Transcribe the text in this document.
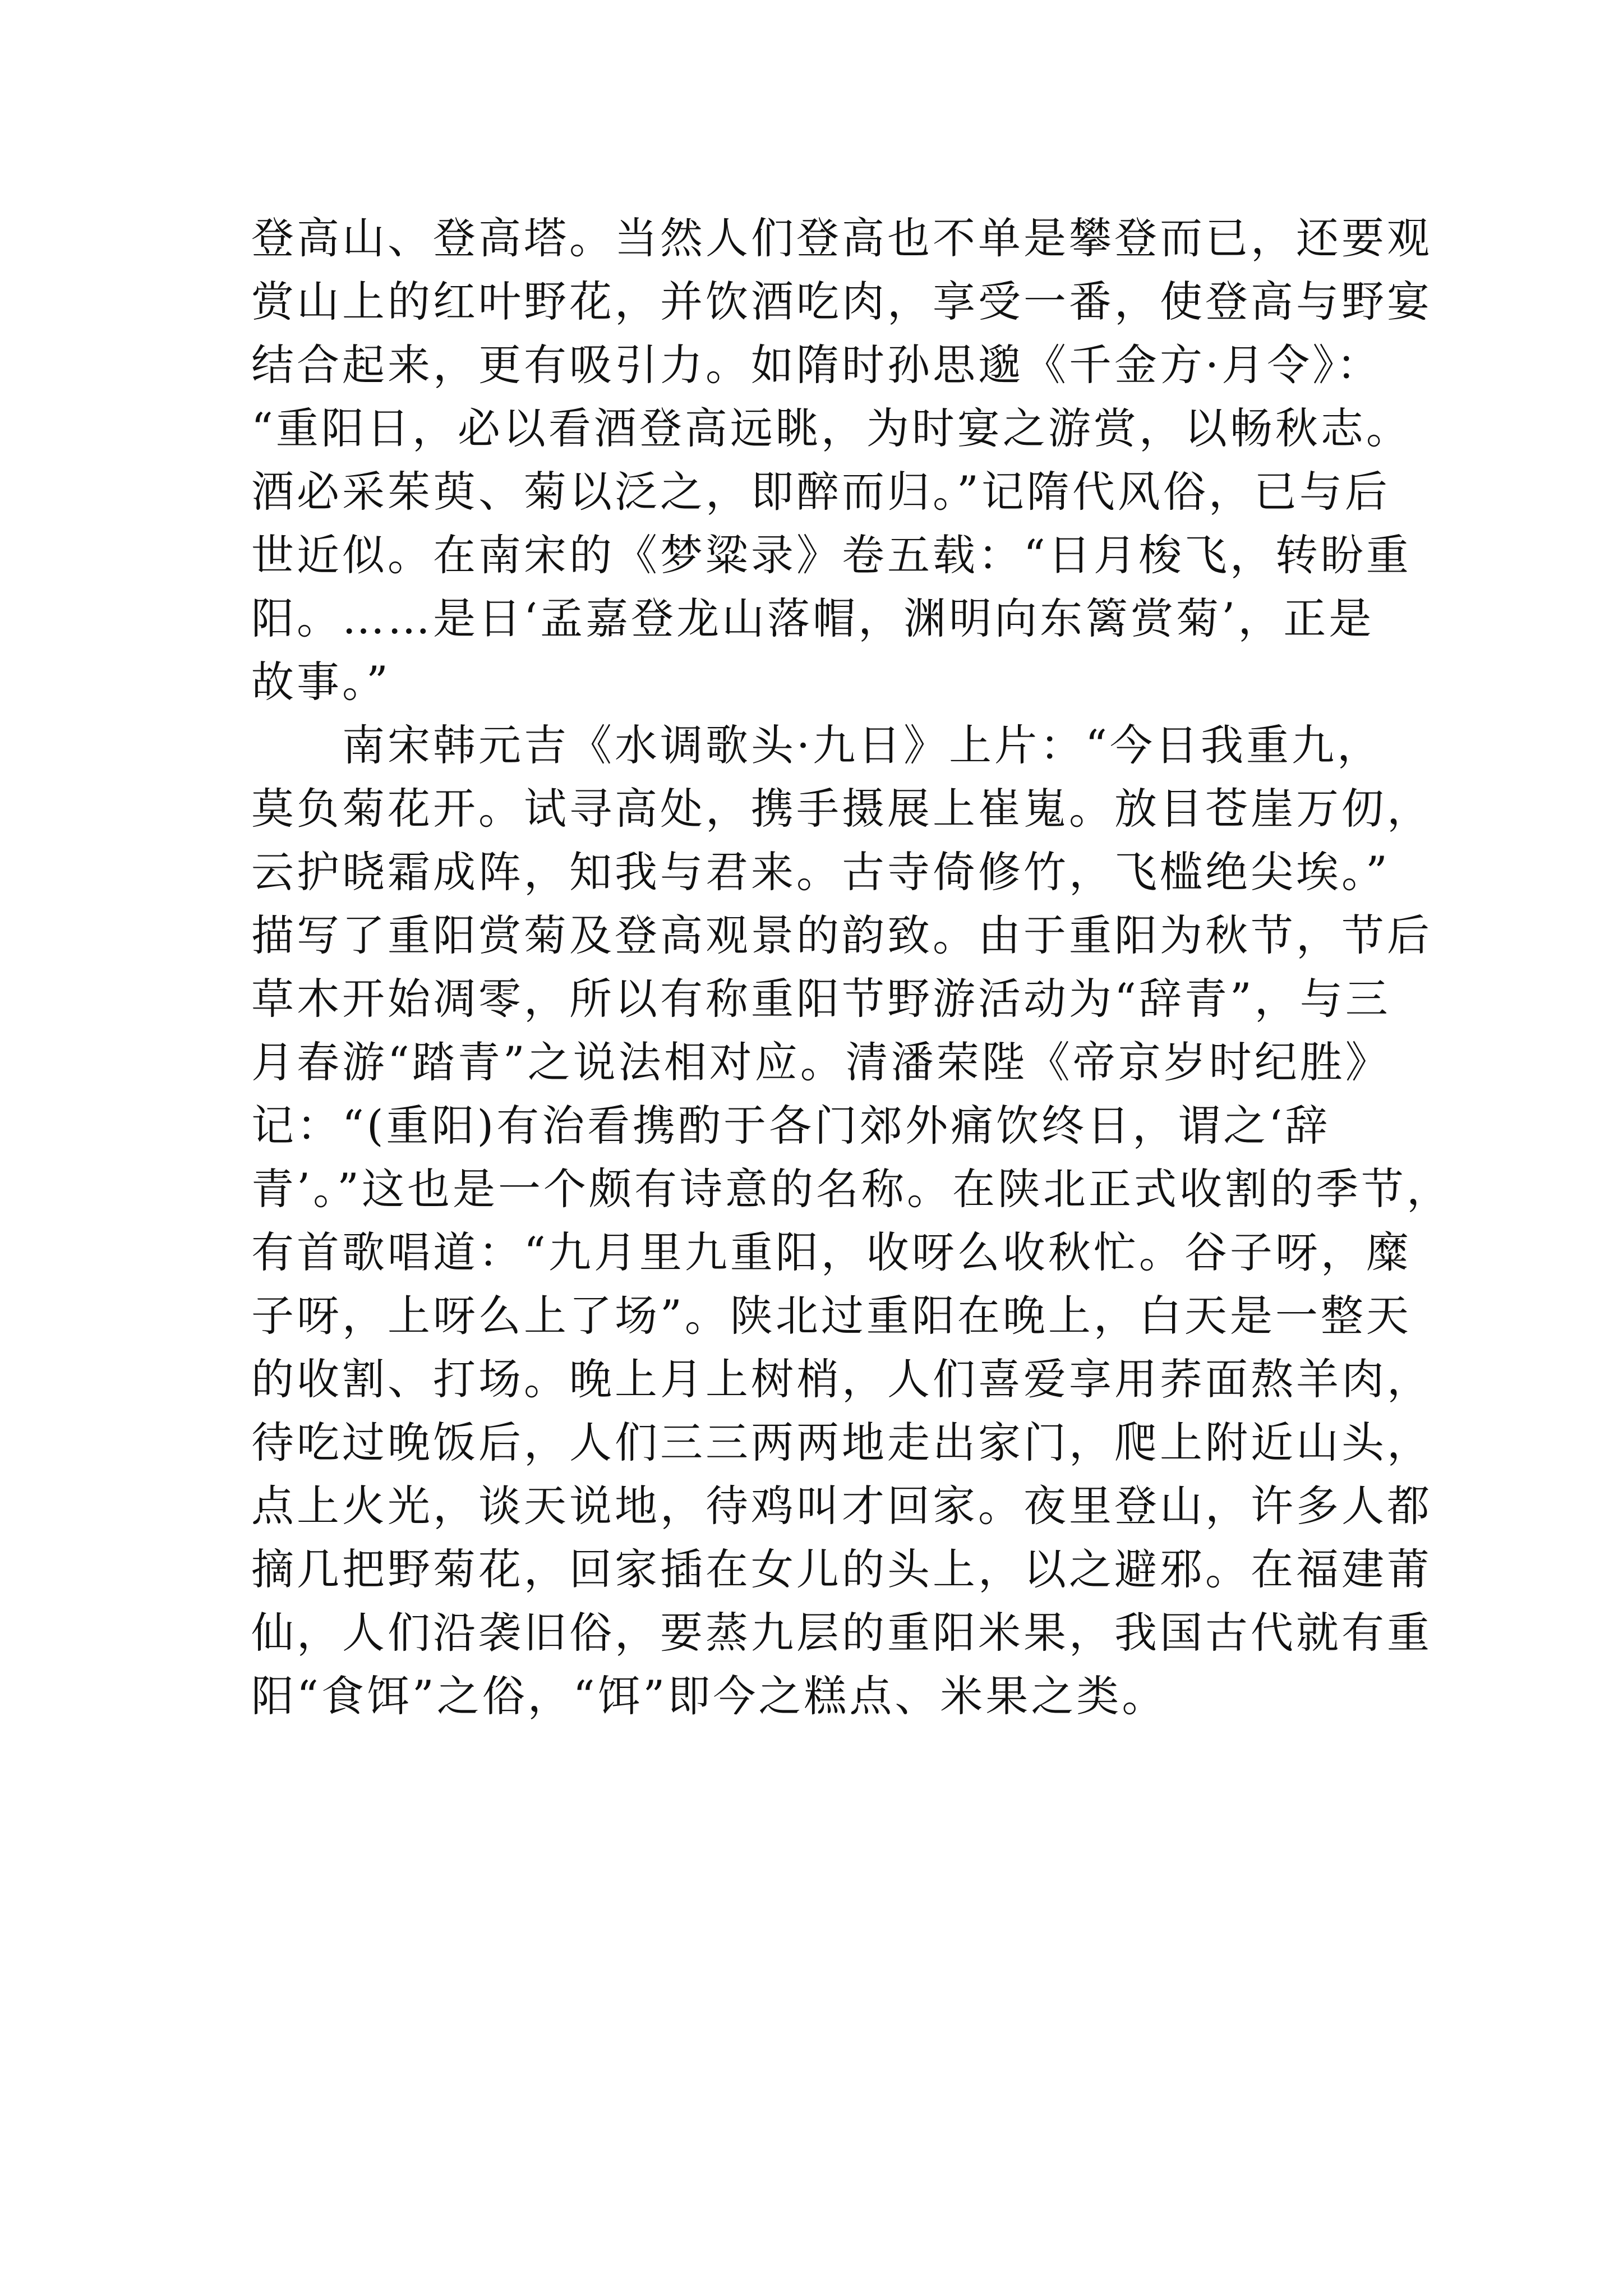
登高山、登高塔。当然人们登高也不单是攀登而已，还要观
赏山上的红叶野花，并饮酒吃肉，享受一番，使登高与野宴
结合起来，更有吸引力。如隋时孙思邈《千金方·月令》：
“重阳日，必以看酒登高远眺，为时宴之游赏，以畅秋志。
酒必采茱萸、菊以泛之，即醉而归。”记隋代风俗，已与后
世近似。在南宋的《梦粱录》卷五载：“日月梭飞，转盼重
阳。……是日‘孟嘉登龙山落帽，渊明向东篱赏菊’，正是
故事。”
南宋韩元吉《水调歌头·九日》上片：“今日我重九，
莫负菊花开。试寻高处，携手摄展上崔嵬。放目苍崖万仞，
云护晓霜成阵，知我与君来。古寺倚修竹，飞槛绝尖埃。”
描写了重阳赏菊及登高观景的韵致。由于重阳为秋节，节后
草木开始凋零，所以有称重阳节野游活动为“辞青”，与三
月春游“踏青”之说法相对应。清潘荣陛《帝京岁时纪胜》
记：“(重阳)有治看携酌于各门郊外痛饮终日，谓之‘辞
青’。”这也是一个颇有诗意的名称。在陕北正式收割的季节，
有首歌唱道：“九月里九重阳，收呀么收秋忙。谷子呀，糜
子呀，上呀么上了场”。陕北过重阳在晚上，白天是一整天
的收割、打场。晚上月上树梢，人们喜爱享用荞面熬羊肉，
待吃过晚饭后，人们三三两两地走出家门，爬上附近山头，
点上火光，谈天说地，待鸡叫才回家。夜里登山，许多人都
摘几把野菊花，回家插在女儿的头上，以之避邪。在福建莆
仙，人们沿袭旧俗，要蒸九层的重阳米果，我国古代就有重
阳“食饵”之俗，“饵”即今之糕点、米果之类。
